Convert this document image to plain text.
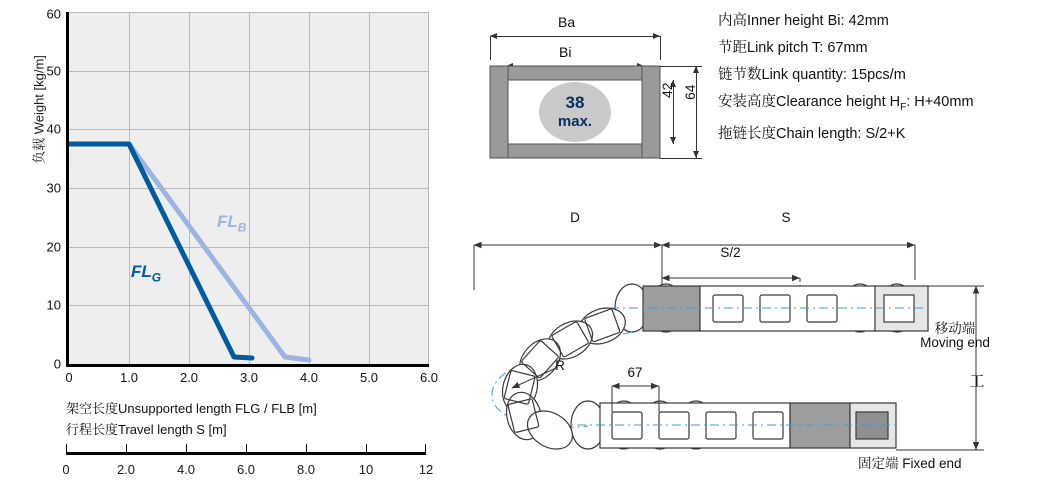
负载 Weight [kg/m]
0
10
20
30
40
50
60
0	1.0	2.0	3.0	4.0	5.0	6.0
$FL_B$
$FL_G$
架空长度Unsupported length FLG / FLB [m]
行程长度Travel length S [m]
0	2.0	4.0	6.0	8.0	10	12
Ba
Bi
38
max.
42 64
内高Inner height Bi: 42mm
节距Link pitch T: 67mm
链节数Link quantity: 15pcs/m
安装高度Clearance height $H_F$: H+40mm
拖链长度Chain length: S/2+K
D	S
S/2
67
R
工
移动端
Moving end
固定端 Fixed end
